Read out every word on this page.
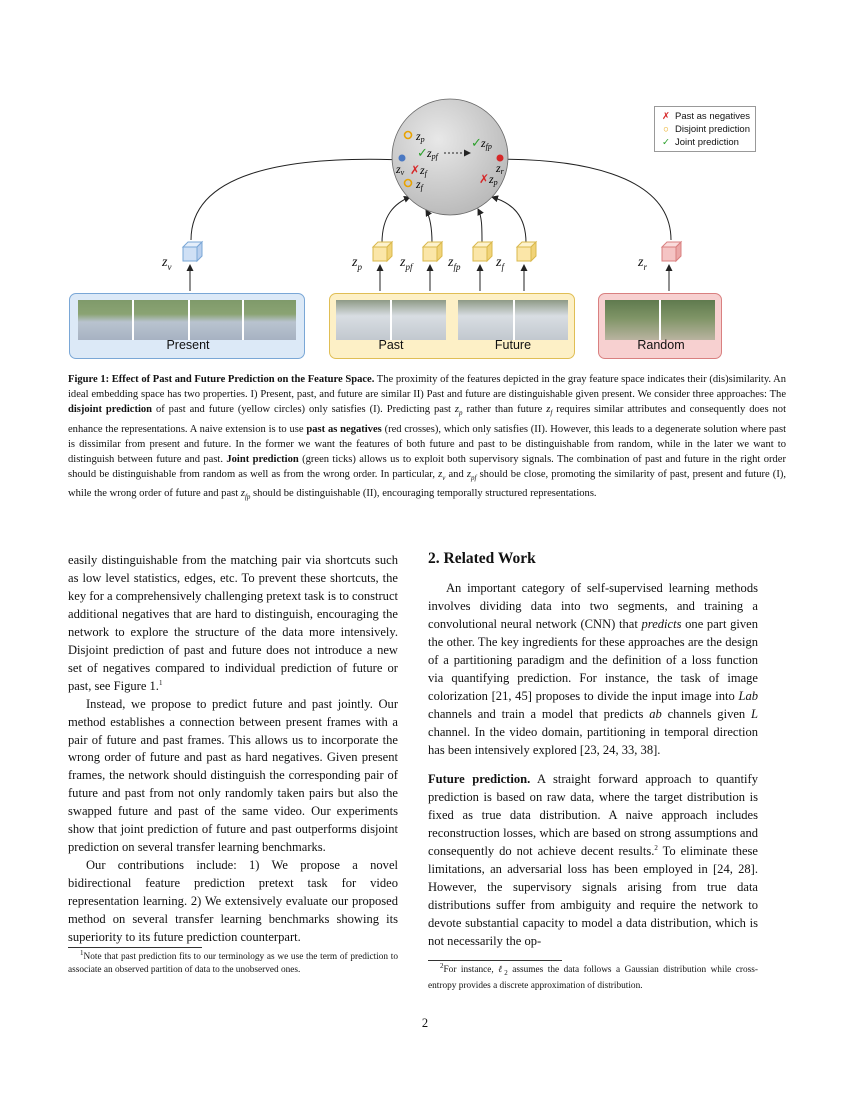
zp
✓ zpf
zv ✗ zf
zf
✓ zfp
zr
✗ zp
$z_v$	$z_p$	$z_{pf}$	$z_{fp}$	$z_f$	$z_r$
✗ Past as negatives
○ Disjoint prediction
✓ Joint prediction
Present	Past	Future	Random
Figure 1: Effect of Past and Future Prediction on the Feature Space. The proximity of the features depicted in the gray feature space indicates their (dis)similarity. An ideal embedding space has two properties. I) Present, past, and future are similar II) Past and future are distinguishable given present. We consider three approaches: The disjoint prediction of past and future (yellow circles) only satisfies (I). Predicting past $z_p$ rather than future $z_f$ requires similar attributes and consequently does not enhance the representations. A naive extension is to use past as negatives (red crosses), which only satisfies (II). However, this leads to a degenerate solution where past is dissimilar from present and future. In the former we want the features of both future and past to be distinguishable from random, while in the later we want to distinguish between future and past. Joint prediction (green ticks) allows us to exploit both supervisory signals. The combination of past and future in the right order should be distinguishable from random as well as from the wrong order. In particular, $z_v$ and $z_{pf}$ should be close, promoting the similarity of past, present and future (I), while the wrong order of future and past $z_{fp}$ should be distinguishable (II), encouraging temporally structured representations.

easily distinguishable from the matching pair via shortcuts such as low level statistics, edges, etc. To prevent these shortcuts, the key for a comprehensively challenging pretext task is to construct additional negatives that are hard to distinguish, encouraging the network to explore the structure of the data more intensively. Disjoint prediction of past and future does not introduce a new set of negatives compared to individual prediction of future or past, see Figure 1.$^1$

Instead, we propose to predict future and past jointly. Our method establishes a connection between present frames with a pair of future and past frames. This allows us to incorporate the wrong order of future and past as hard negatives. Given present frames, the network should distinguish the corresponding pair of future and past from not only randomly taken pairs but also the swapped future and past of the same video. Our experiments show that joint prediction of future and past outperforms disjoint prediction on several transfer learning benchmarks.

Our contributions include: 1) We propose a novel bidirectional feature prediction pretext task for video representation learning. 2) We extensively evaluate our proposed method on several transfer learning benchmarks showing its superiority to its future prediction counterpart.

$^1$Note that past prediction fits to our terminology as we use the term of prediction to associate an observed partition of data to the unobserved ones.

2. Related Work

An important category of self-supervised learning methods involves dividing data into two segments, and training a convolutional neural network (CNN) that predicts one part given the other. The key ingredients for these approaches are the design of a partitioning paradigm and the definition of a loss function via quantifying prediction. For instance, the task of image colorization [21, 45] proposes to divide the input image into Lab channels and train a model that predicts ab channels given L channel. In the video domain, partitioning in temporal direction has been intensively explored [23, 24, 33, 38].

Future prediction. A straight forward approach to quantify prediction is based on raw data, where the target distribution is fixed as true data distribution. A naive approach includes reconstruction losses, which are based on strong assumptions and consequently do not achieve decent results.$^2$ To eliminate these limitations, an adversarial loss has been employed in [24, 28]. However, the supervisory signals arising from true data distributions suffer from ambiguity and require the network to devote substantial capacity to model a data distribution, which is not necessarily the op-

$^2$For instance, ℓ$_2$ assumes the data follows a Gaussian distribution while cross-entropy provides a discrete approximation of distribution.

2
